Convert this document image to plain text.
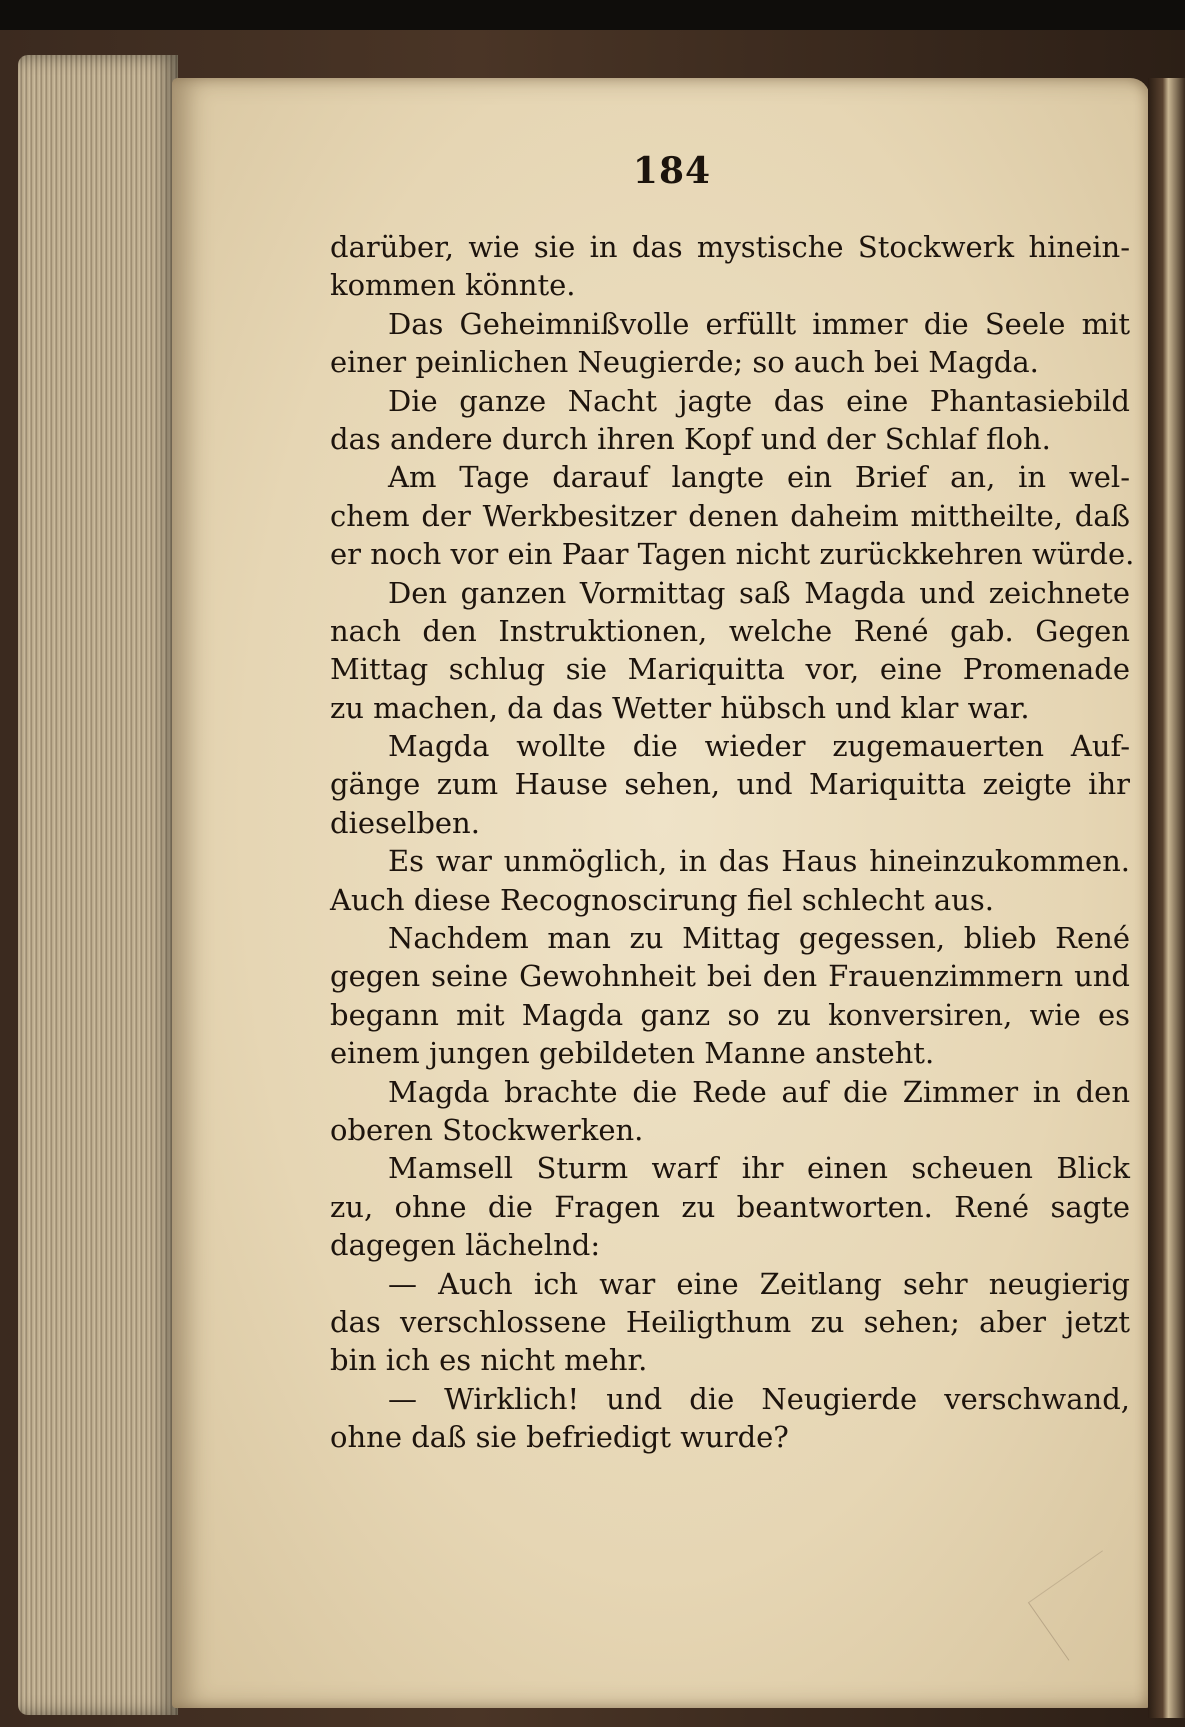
184
darüber, wie sie in das mystische Stockwerk hinein-
kommen könnte.
Das Geheimnißvolle erfüllt immer die Seele mit
einer peinlichen Neugierde; so auch bei Magda.
Die ganze Nacht jagte das eine Phantasiebild
das andere durch ihren Kopf und der Schlaf floh.
Am Tage darauf langte ein Brief an, in wel-
chem der Werkbesitzer denen daheim mittheilte, daß
er noch vor ein Paar Tagen nicht zurückkehren würde.
Den ganzen Vormittag saß Magda und zeichnete
nach den Instruktionen, welche René gab. Gegen
Mittag schlug sie Mariquitta vor, eine Promenade
zu machen, da das Wetter hübsch und klar war.
Magda wollte die wieder zugemauerten Auf-
gänge zum Hause sehen, und Mariquitta zeigte ihr
dieselben.
Es war unmöglich, in das Haus hineinzukommen.
Auch diese Recognoscirung fiel schlecht aus.
Nachdem man zu Mittag gegessen, blieb René
gegen seine Gewohnheit bei den Frauenzimmern und
begann mit Magda ganz so zu konversiren, wie es
einem jungen gebildeten Manne ansteht.
Magda brachte die Rede auf die Zimmer in den
oberen Stockwerken.
Mamsell Sturm warf ihr einen scheuen Blick
zu, ohne die Fragen zu beantworten. René sagte
dagegen lächelnd:
— Auch ich war eine Zeitlang sehr neugierig
das verschlossene Heiligthum zu sehen; aber jetzt
bin ich es nicht mehr.
— Wirklich! und die Neugierde verschwand,
ohne daß sie befriedigt wurde?
